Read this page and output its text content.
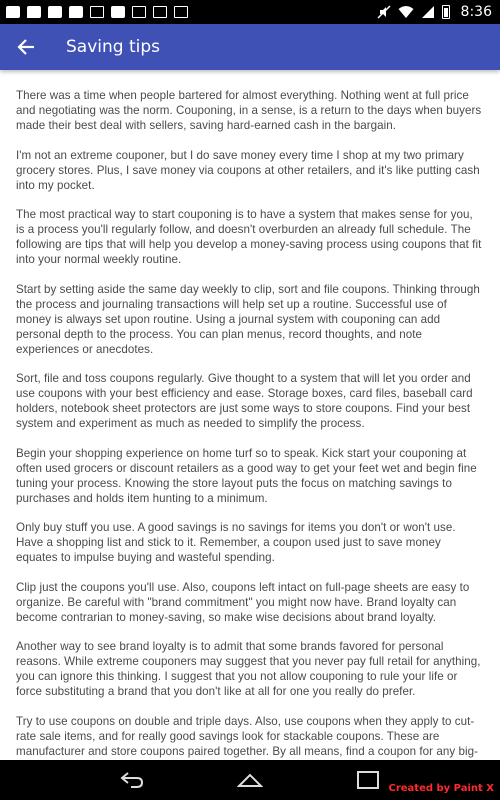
8:36
Saving tips

There was a time when people bartered for almost everything. Nothing went at full price and negotiating was the norm. Couponing, in a sense, is a return to the days when buyers made their best deal with sellers, saving hard-earned cash in the bargain.

I'm not an extreme couponer, but I do save money every time I shop at my two primary grocery stores. Plus, I save money via coupons at other retailers, and it's like putting cash into my pocket.

The most practical way to start couponing is to have a system that makes sense for you, is a process you'll regularly follow, and doesn't overburden an already full schedule. The following are tips that will help you develop a money-saving process using coupons that fit into your normal weekly routine.

Start by setting aside the same day weekly to clip, sort and file coupons. Thinking through the process and journaling transactions will help set up a routine. Successful use of money is always set upon routine. Using a journal system with couponing can add personal depth to the process. You can plan menus, record thoughts, and note experiences or anecdotes.

Sort, file and toss coupons regularly. Give thought to a system that will let you order and use coupons with your best efficiency and ease. Storage boxes, card files, baseball card holders, notebook sheet protectors are just some ways to store coupons. Find your best system and experiment as much as needed to simplify the process.

Begin your shopping experience on home turf so to speak. Kick start your couponing at often used grocers or discount retailers as a good way to get your feet wet and begin fine tuning your process. Knowing the store layout puts the focus on matching savings to purchases and holds item hunting to a minimum.

Only buy stuff you use. A good savings is no savings for items you don't or won't use. Have a shopping list and stick to it. Remember, a coupon used just to save money equates to impulse buying and wasteful spending.

Clip just the coupons you'll use. Also, coupons left intact on full-page sheets are easy to organize. Be careful with "brand commitment" you might now have. Brand loyalty can become contrarian to money-saving, so make wise decisions about brand loyalty.

Another way to see brand loyalty is to admit that some brands favored for personal reasons. While extreme couponers may suggest that you never pay full retail for anything, you can ignore this thinking. I suggest that you not allow couponing to rule your life or force substituting a brand that you don't like at all for one you really do prefer.

Try to use coupons on double and triple days. Also, use coupons when they apply to cut-rate sale items, and for really good savings look for stackable coupons. These are manufacturer and store coupons paired together. By all means, find a coupon for any big-

Created by Paint X
